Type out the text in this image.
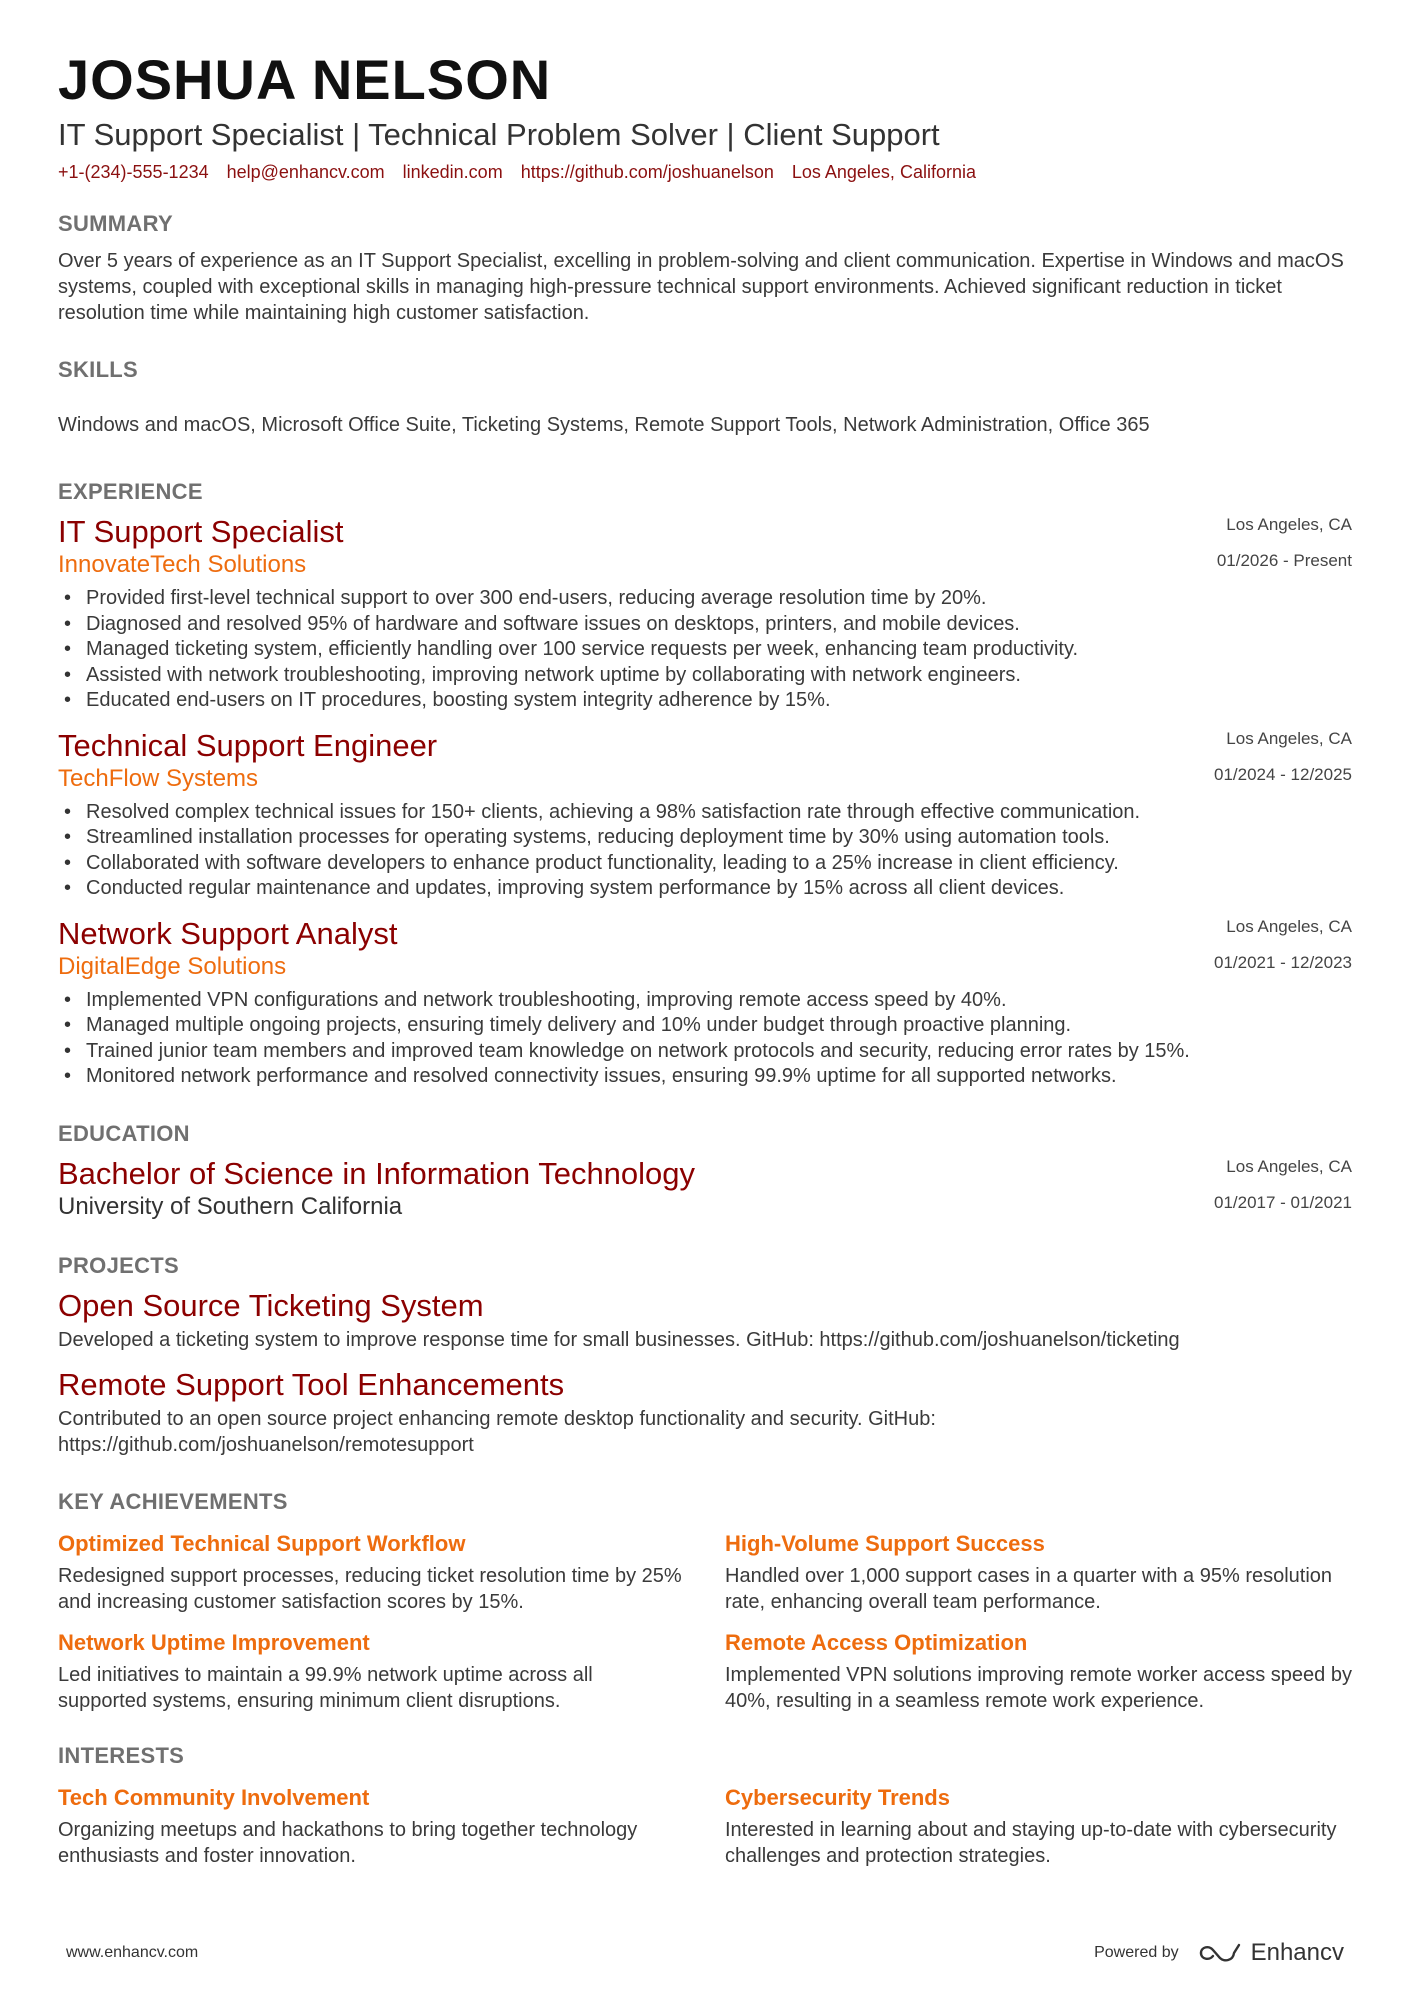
JOSHUA NELSON
IT Support Specialist | Technical Problem Solver | Client Support
+1-(234)-555-1234 help@enhancv.com linkedin.com https://github.com/joshuanelson Los Angeles, California
SUMMARY
Over 5 years of experience as an IT Support Specialist, excelling in problem-solving and client communication. Expertise in Windows and macOS systems, coupled with exceptional skills in managing high-pressure technical support environments. Achieved significant reduction in ticket resolution time while maintaining high customer satisfaction.
SKILLS
Windows and macOS, Microsoft Office Suite, Ticketing Systems, Remote Support Tools, Network Administration, Office 365
EXPERIENCE
IT Support Specialist
InnovateTech Solutions
Los Angeles, CA
01/2026 - Present
• Provided first-level technical support to over 300 end-users, reducing average resolution time by 20%.
• Diagnosed and resolved 95% of hardware and software issues on desktops, printers, and mobile devices.
• Managed ticketing system, efficiently handling over 100 service requests per week, enhancing team productivity.
• Assisted with network troubleshooting, improving network uptime by collaborating with network engineers.
• Educated end-users on IT procedures, boosting system integrity adherence by 15%.
Technical Support Engineer
TechFlow Systems
Los Angeles, CA
01/2024 - 12/2025
• Resolved complex technical issues for 150+ clients, achieving a 98% satisfaction rate through effective communication.
• Streamlined installation processes for operating systems, reducing deployment time by 30% using automation tools.
• Collaborated with software developers to enhance product functionality, leading to a 25% increase in client efficiency.
• Conducted regular maintenance and updates, improving system performance by 15% across all client devices.
Network Support Analyst
DigitalEdge Solutions
Los Angeles, CA
01/2021 - 12/2023
• Implemented VPN configurations and network troubleshooting, improving remote access speed by 40%.
• Managed multiple ongoing projects, ensuring timely delivery and 10% under budget through proactive planning.
• Trained junior team members and improved team knowledge on network protocols and security, reducing error rates by 15%.
• Monitored network performance and resolved connectivity issues, ensuring 99.9% uptime for all supported networks.
EDUCATION
Bachelor of Science in Information Technology
University of Southern California
Los Angeles, CA
01/2017 - 01/2021
PROJECTS
Open Source Ticketing System
Developed a ticketing system to improve response time for small businesses. GitHub: https://github.com/joshuanelson/ticketing
Remote Support Tool Enhancements
Contributed to an open source project enhancing remote desktop functionality and security. GitHub: https://github.com/joshuanelson/remotesupport
KEY ACHIEVEMENTS
Optimized Technical Support Workflow
Redesigned support processes, reducing ticket resolution time by 25% and increasing customer satisfaction scores by 15%.
High-Volume Support Success
Handled over 1,000 support cases in a quarter with a 95% resolution rate, enhancing overall team performance.
Network Uptime Improvement
Led initiatives to maintain a 99.9% network uptime across all supported systems, ensuring minimum client disruptions.
Remote Access Optimization
Implemented VPN solutions improving remote worker access speed by 40%, resulting in a seamless remote work experience.
INTERESTS
Tech Community Involvement
Organizing meetups and hackathons to bring together technology enthusiasts and foster innovation.
Cybersecurity Trends
Interested in learning about and staying up-to-date with cybersecurity challenges and protection strategies.
www.enhancv.com	Powered by	Enhancv
